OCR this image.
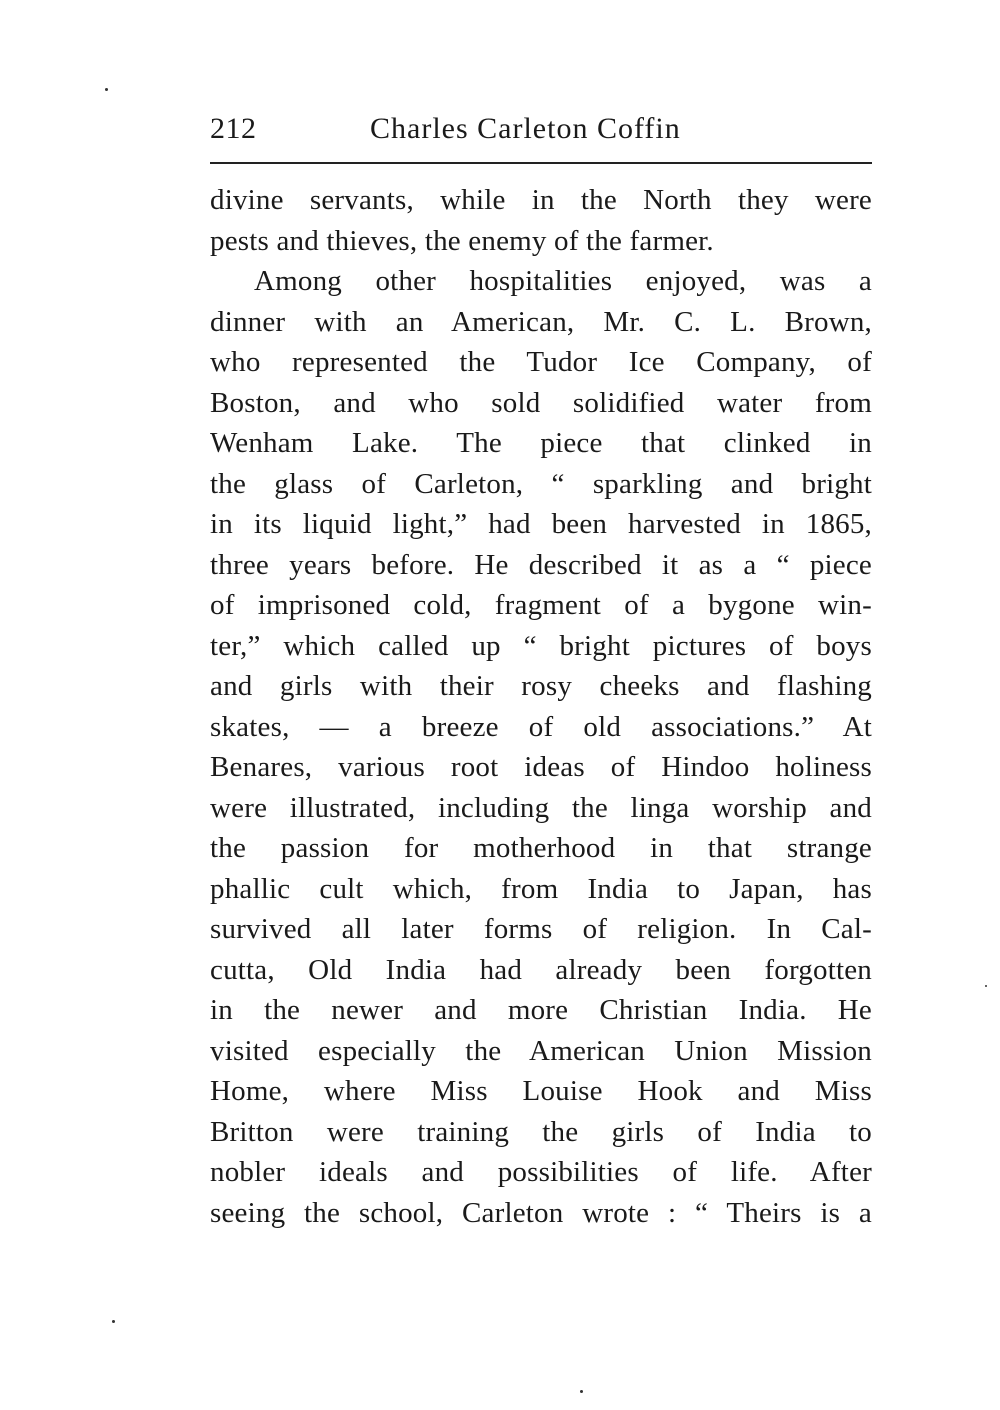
212	Charles Carleton Coffin
divine servants, while in the North they were
pests and thieves, the enemy of the farmer.
Among other hospitalities enjoyed, was a
dinner with an American, Mr. C. L. Brown,
who represented the Tudor Ice Company, of
Boston, and who sold solidified water from
Wenham Lake. The piece that clinked in
the glass of Carleton, “ sparkling and bright
in its liquid light,” had been harvested in 1865,
three years before. He described it as a “ piece
of imprisoned cold, fragment of a bygone win-
ter,” which called up “ bright pictures of boys
and girls with their rosy cheeks and flashing
skates, — a breeze of old associations.” At
Benares, various root ideas of Hindoo holiness
were illustrated, including the linga worship and
the passion for motherhood in that strange
phallic cult which, from India to Japan, has
survived all later forms of religion. In Cal-
cutta, Old India had already been forgotten
in the newer and more Christian India. He
visited especially the American Union Mission
Home, where Miss Louise Hook and Miss
Britton were training the girls of India to
nobler ideals and possibilities of life. After
seeing the school, Carleton wrote : “ Theirs is a
